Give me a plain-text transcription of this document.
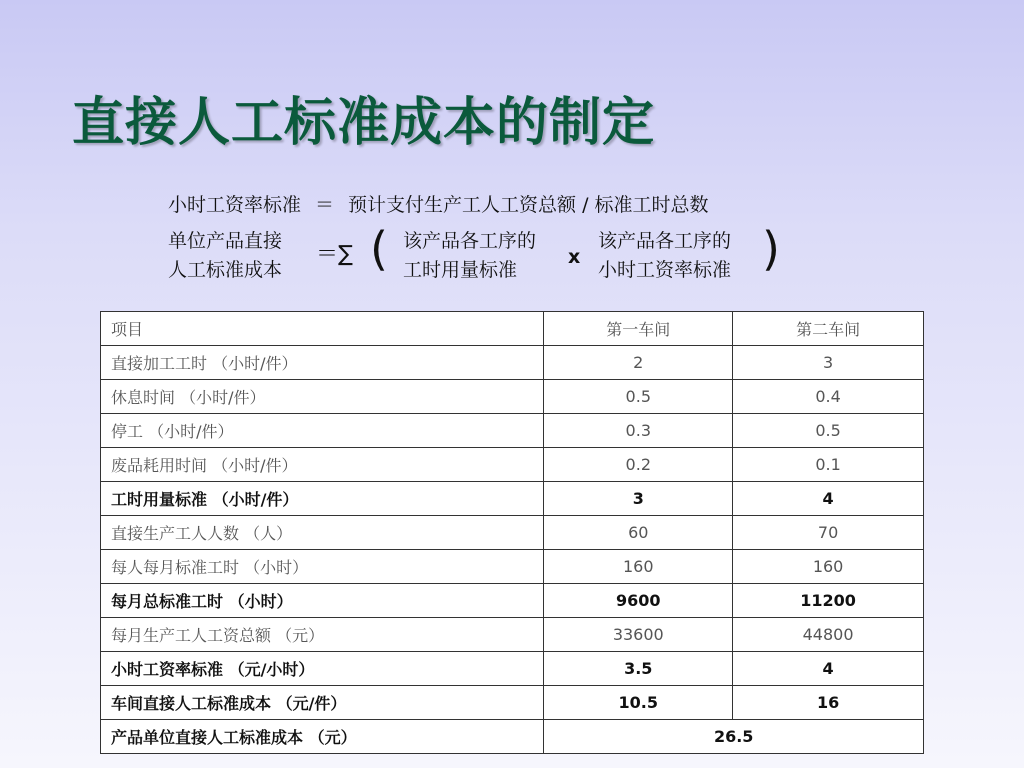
直接人工标准成本的制定
小时工资率标准 ＝ 预计支付生产工人工资总额 / 标准工时总数
单位产品直接
人工标准成本
＝∑ ( 该产品各工序的
工时用量标准
x
该产品各工序的
小时工资率标准 )
项目	第一车间	第二车间
直接加工工时 （小时/件）	2	3
休息时间 （小时/件）	0.5	0.4
停工 （小时/件）	0.3	0.5
废品耗用时间 （小时/件）	0.2	0.1
工时用量标准 （小时/件）	3	4
直接生产工人人数 （人）	60	70
每人每月标准工时 （小时）	160	160
每月总标准工时 （小时）	9600	11200
每月生产工人工资总额 （元）	33600	44800
小时工资率标准 （元/小时）	3.5	4
车间直接人工标准成本 （元/件）	10.5	16
产品单位直接人工标准成本 （元）	26.5	
